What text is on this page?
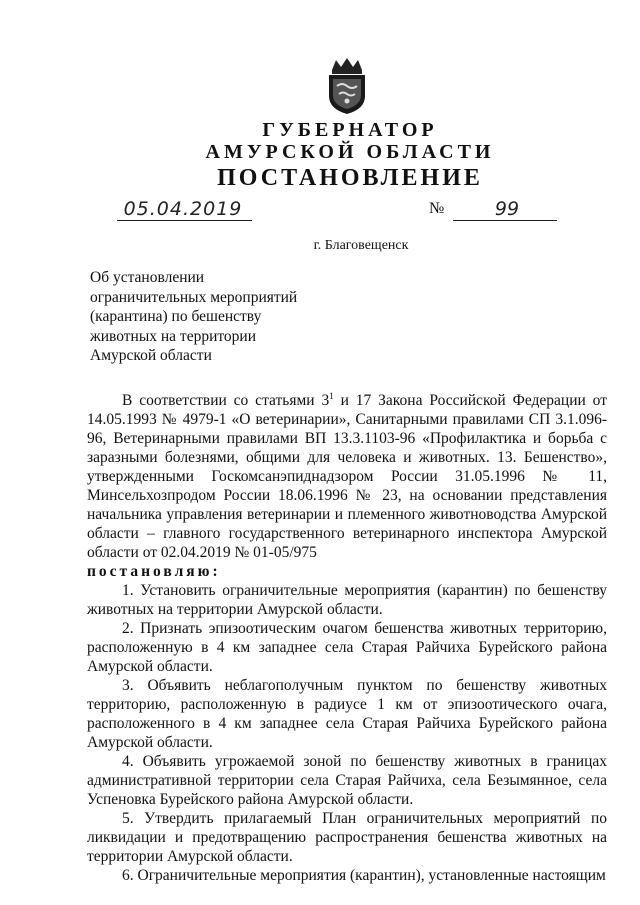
ГУБЕРНАТОР
АМУРСКОЙ ОБЛАСТИ
ПОСТАНОВЛЕНИЕ
05.04.2019	№	99
г. Благовещенск
Об установлении
ограничительных мероприятий
(карантина) по бешенству
животных на территории
Амурской области

В соответствии со статьями $3^1$ и 17 Закона Российской Федерации от 14.05.1993 № 4979-1 «О ветеринарии», Санитарными правилами СП 3.1.096-96, Ветеринарными правилами ВП 13.3.1103-96 «Профилактика и борьба с заразными болезнями, общими для человека и животных. 13. Бешенство», утвержденными Госкомсанэпиднадзором России 31.05.1996 № 11, Минсельхозпродом России 18.06.1996 № 23, на основании представления начальника управления ветеринарии и племенного животноводства Амурской области – главного государственного ветеринарного инспектора Амурской области от 02.04.2019 № 01-05/975

постановляю:

1. Установить ограничительные мероприятия (карантин) по бешенству животных на территории Амурской области.

2. Признать эпизоотическим очагом бешенства животных территорию, расположенную в 4 км западнее села Старая Райчиха Бурейского района Амурской области.

3. Объявить неблагополучным пунктом по бешенству животных территорию, расположенную в радиусе 1 км от эпизоотического очага, расположенного в 4 км западнее села Старая Райчиха Бурейского района Амурской области.

4. Объявить угрожаемой зоной по бешенству животных в границах административной территории села Старая Райчиха, села Безымянное, села Успеновка Бурейского района Амурской области.

5. Утвердить прилагаемый План ограничительных мероприятий по ликвидации и предотвращению распространения бешенства животных на территории Амурской области.

6. Ограничительные мероприятия (карантин), установленные настоящим
